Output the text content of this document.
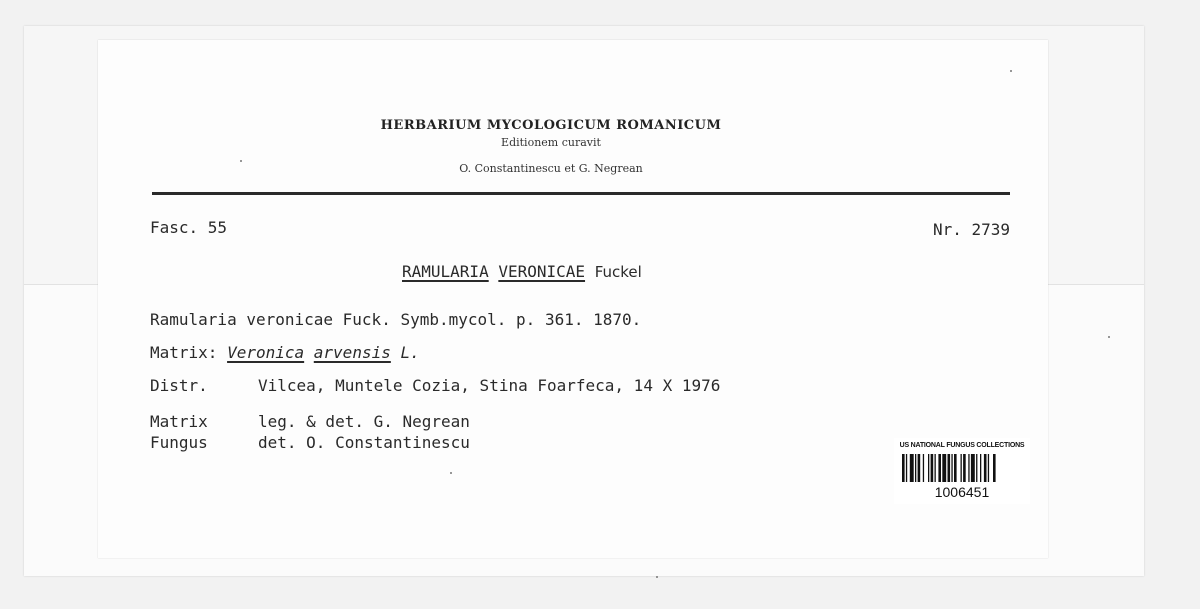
HERBARIUM MYCOLOGICUM ROMANICUM
Editionem curavit
O. Constantinescu et G. Negrean
Fasc. 55	Nr. 2739
RAMULARIA VERONICAE Fuckel
Ramularia veronicae Fuck. Symb.mycol. p. 361. 1870.
Matrix: Veronica arvensis L.
Distr.	Vilcea, Muntele Cozia, Stina Foarfeca, 14 X 1976
Matrix	leg. & det. G. Negrean
Fungus	det. O. Constantinescu	US NATIONAL FUNGUS COLLECTIONS
1006451
